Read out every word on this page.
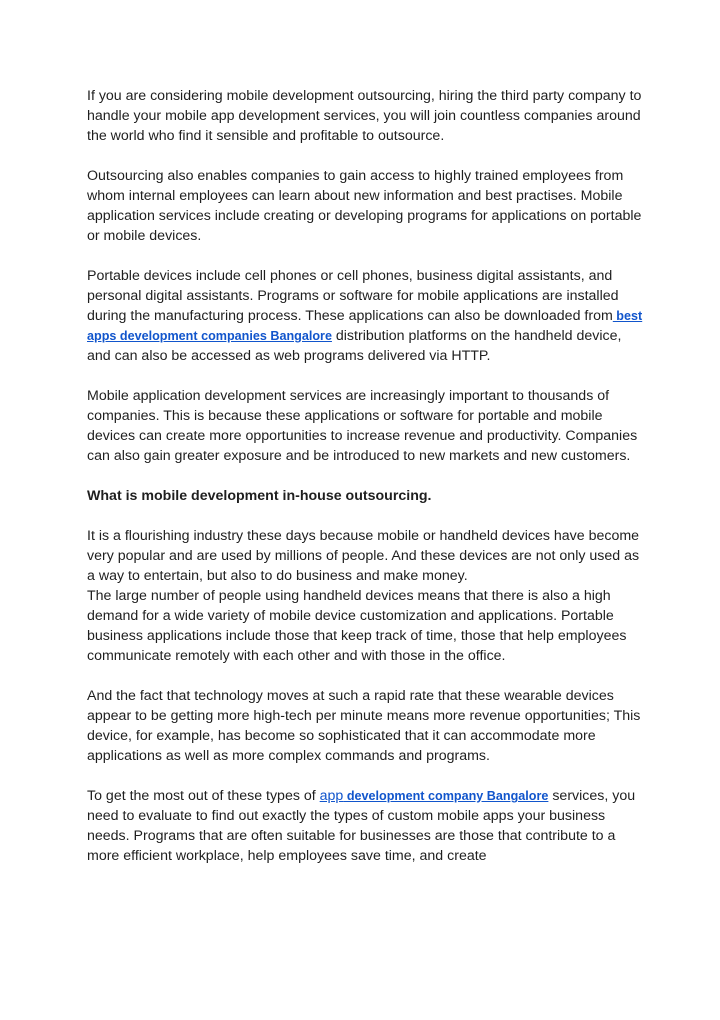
If you are considering mobile development outsourcing, hiring the third party company to handle your mobile app development services, you will join countless companies around the world who find it sensible and profitable to outsource.

Outsourcing also enables companies to gain access to highly trained employees from whom internal employees can learn about new information and best practises. Mobile application services include creating or developing programs for applications on portable or mobile devices.

Portable devices include cell phones or cell phones, business digital assistants, and personal digital assistants. Programs or software for mobile applications are installed during the manufacturing process. These applications can also be downloaded from best apps development companies Bangalore distribution platforms on the handheld device, and can also be accessed as web programs delivered via HTTP.

Mobile application development services are increasingly important to thousands of companies. This is because these applications or software for portable and mobile devices can create more opportunities to increase revenue and productivity. Companies can also gain greater exposure and be introduced to new markets and new customers.

What is mobile development in-house outsourcing.

It is a flourishing industry these days because mobile or handheld devices have become very popular and are used by millions of people. And these devices are not only used as a way to entertain, but also to do business and make money.

The large number of people using handheld devices means that there is also a high demand for a wide variety of mobile device customization and applications. Portable business applications include those that keep track of time, those that help employees communicate remotely with each other and with those in the office.

And the fact that technology moves at such a rapid rate that these wearable devices appear to be getting more high-tech per minute means more revenue opportunities; This device, for example, has become so sophisticated that it can accommodate more applications as well as more complex commands and programs.

To get the most out of these types of app development company Bangalore services, you need to evaluate to find out exactly the types of custom mobile apps your business needs. Programs that are often suitable for businesses are those that contribute to a more efficient workplace, help employees save time, and create
